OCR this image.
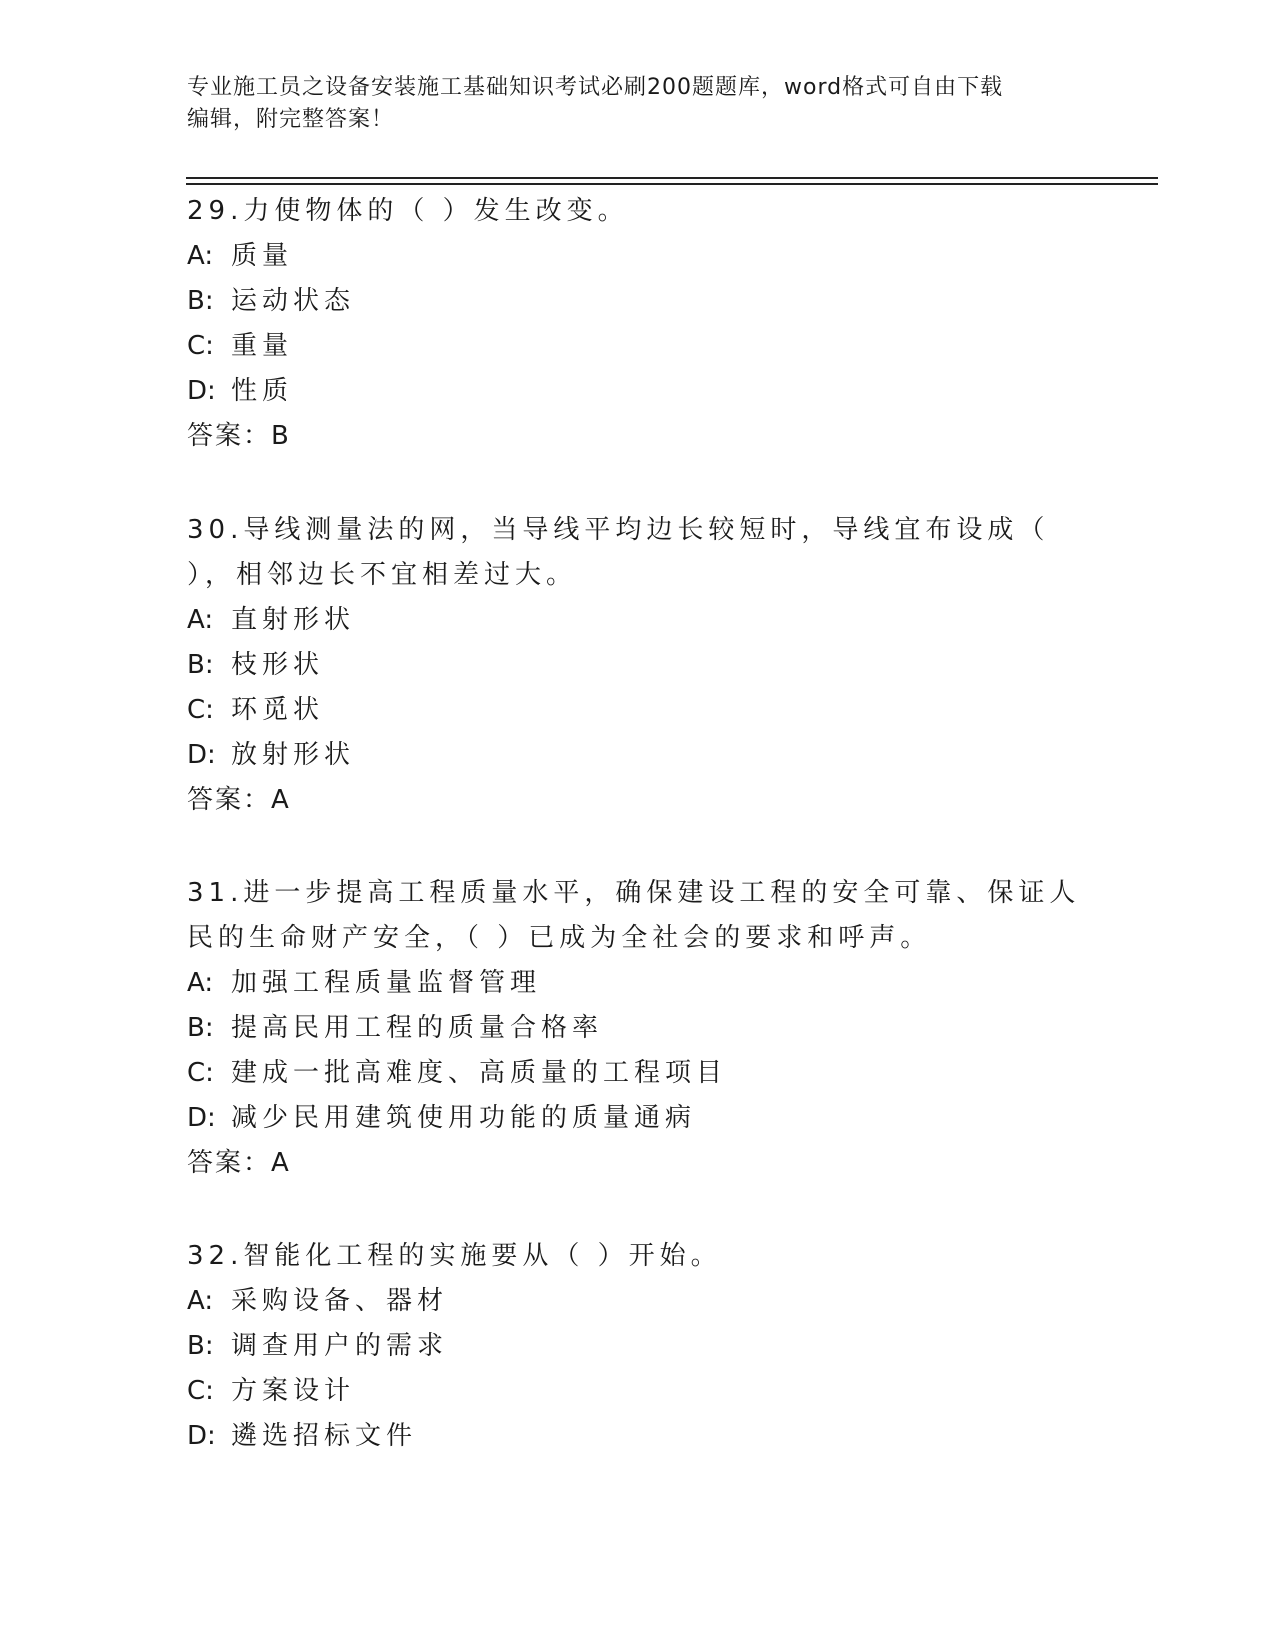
专业施工员之设备安装施工基础知识考试必刷200题题库，word格式可自由下载
编辑，附完整答案！

29.力使物体的（ ）发生改变。

A: 质量

B: 运动状态

C: 重量

D: 性质

答案：B

30.导线测量法的网，当导线平均边长较短时，导线宜布设成（ ），相邻边长不宜相差过大。

A: 直射形状

B: 枝形状

C: 环觅状

D: 放射形状

答案：A

31.进一步提高工程质量水平，确保建设工程的安全可靠、保证人民的生命财产安全，（ ）已成为全社会的要求和呼声。

A: 加强工程质量监督管理

B: 提高民用工程的质量合格率

C: 建成一批高难度、高质量的工程项目

D: 减少民用建筑使用功能的质量通病

答案：A

32.智能化工程的实施要从（ ）开始。

A: 采购设备、器材

B: 调查用户的需求

C: 方案设计

D: 遴选招标文件
